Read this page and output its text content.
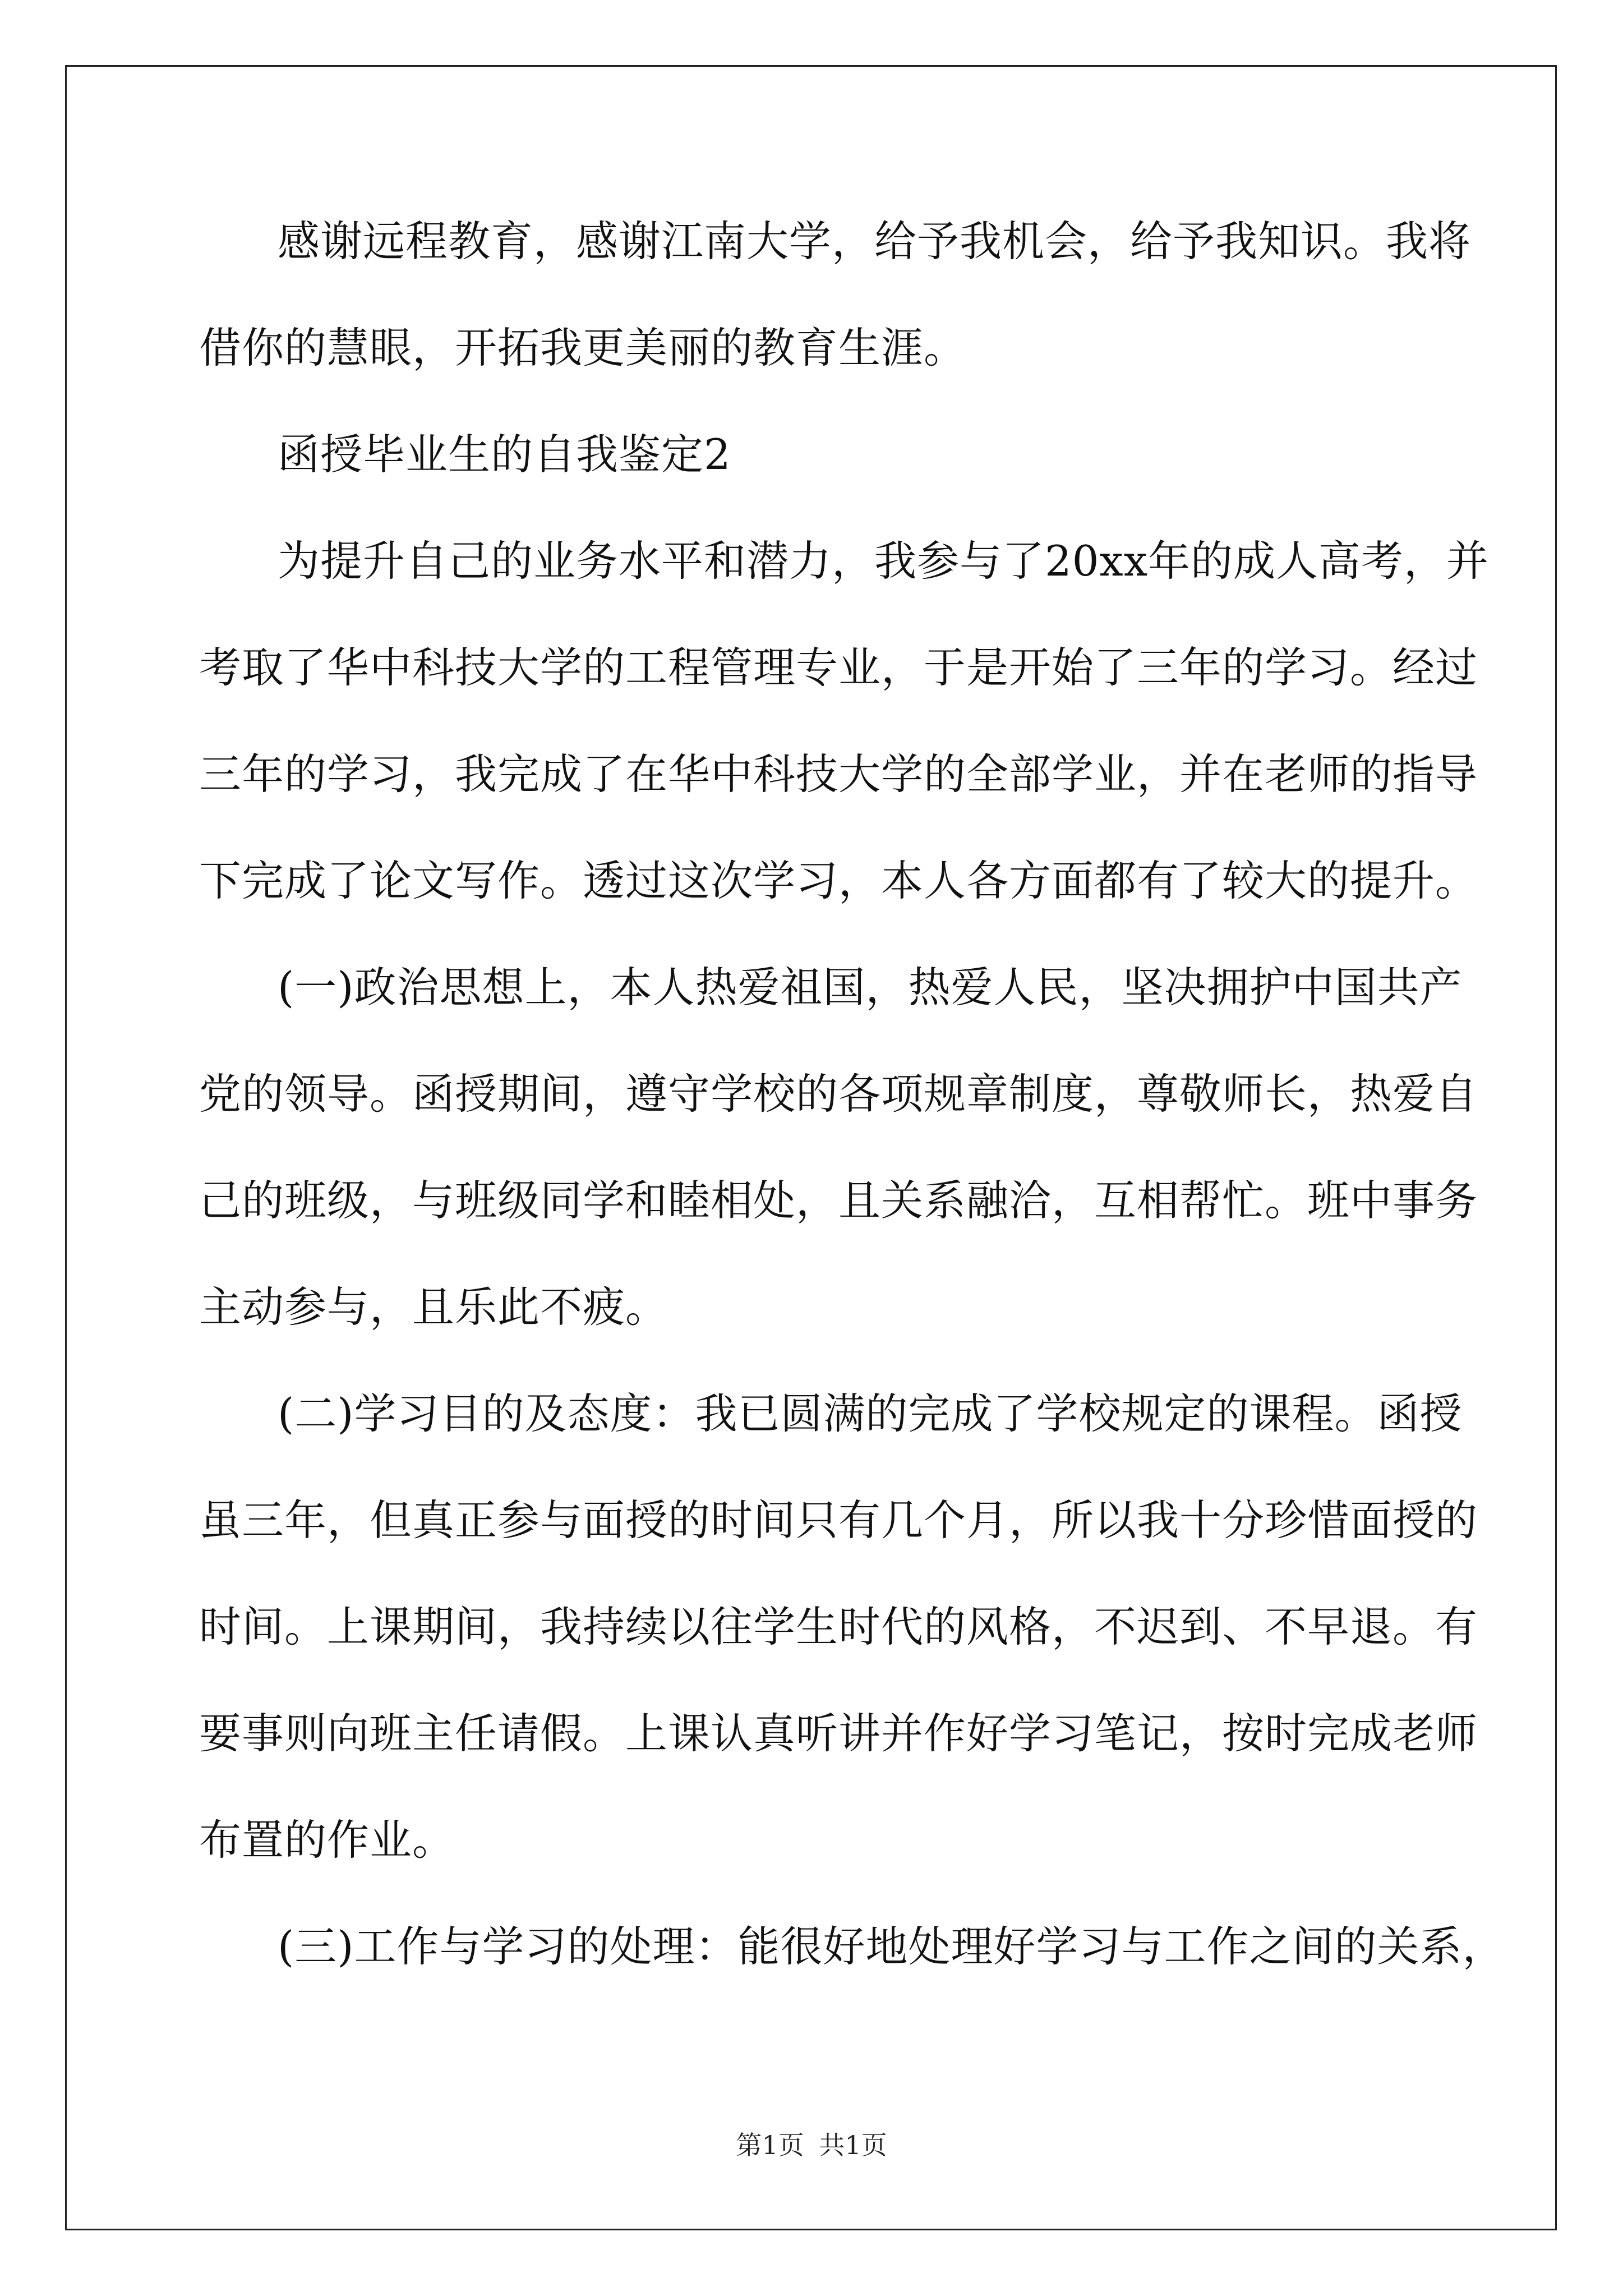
感谢远程教育，感谢江南大学，给予我机会，给予我知识。我将
借你的慧眼，开拓我更美丽的教育生涯。
函授毕业生的自我鉴定2
为提升自己的业务水平和潜力，我参与了20xx年的成人高考，并
考取了华中科技大学的工程管理专业，于是开始了三年的学习。经过
三年的学习，我完成了在华中科技大学的全部学业，并在老师的指导
下完成了论文写作。透过这次学习，本人各方面都有了较大的提升。
(一)政治思想上，本人热爱祖国，热爱人民，坚决拥护中国共产
党的领导。函授期间，遵守学校的各项规章制度，尊敬师长，热爱自
己的班级，与班级同学和睦相处，且关系融洽，互相帮忙。班中事务
主动参与，且乐此不疲。
(二)学习目的及态度：我已圆满的完成了学校规定的课程。函授
虽三年，但真正参与面授的时间只有几个月，所以我十分珍惜面授的
时间。上课期间，我持续以往学生时代的风格，不迟到、不早退。有
要事则向班主任请假。上课认真听讲并作好学习笔记，按时完成老师
布置的作业。
(三)工作与学习的处理：能很好地处理好学习与工作之间的关系，
第1页 共1页
